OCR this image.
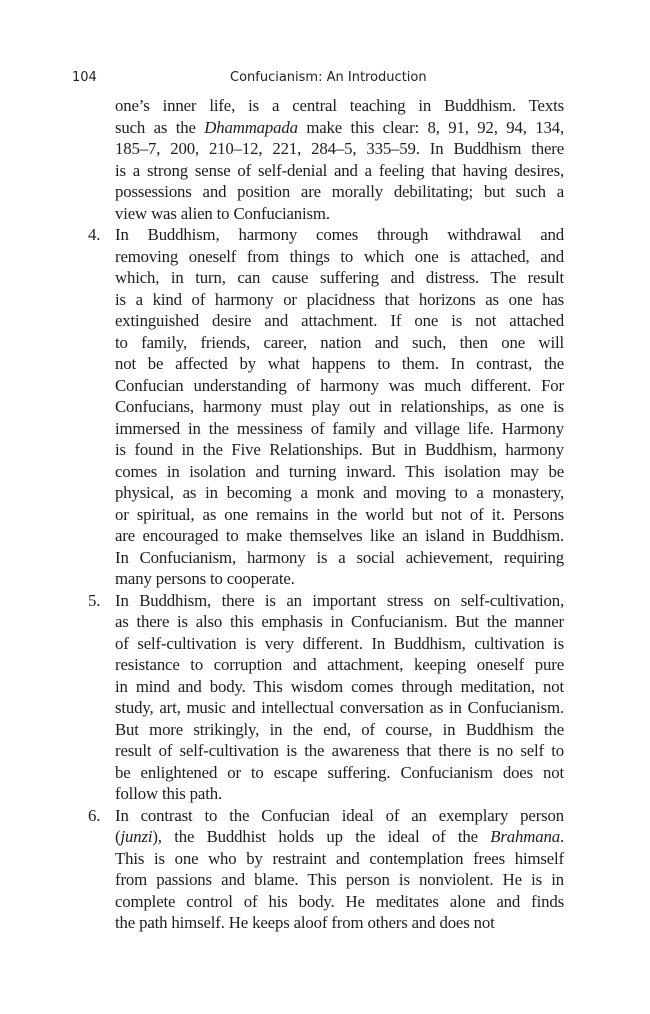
104	Confucianism: An Introduction
one’s inner life, is a central teaching in Buddhism. Texts
such as the Dhammapada make this clear: 8, 91, 92, 94, 134,
185–7, 200, 210–12, 221, 284–5, 335–59. In Buddhism there
is a strong sense of self-denial and a feeling that having desires,
possessions and position are morally debilitating; but such a
view was alien to Confucianism.
4. In Buddhism, harmony comes through withdrawal and
removing oneself from things to which one is attached, and
which, in turn, can cause suffering and distress. The result
is a kind of harmony or placidness that horizons as one has
extinguished desire and attachment. If one is not attached
to family, friends, career, nation and such, then one will
not be affected by what happens to them. In contrast, the
Confucian understanding of harmony was much different. For
Confucians, harmony must play out in relationships, as one is
immersed in the messiness of family and village life. Harmony
is found in the Five Relationships. But in Buddhism, harmony
comes in isolation and turning inward. This isolation may be
physical, as in becoming a monk and moving to a monastery,
or spiritual, as one remains in the world but not of it. Persons
are encouraged to make themselves like an island in Buddhism.
In Confucianism, harmony is a social achievement, requiring
many persons to cooperate.
5. In Buddhism, there is an important stress on self-cultivation,
as there is also this emphasis in Confucianism. But the manner
of self-cultivation is very different. In Buddhism, cultivation is
resistance to corruption and attachment, keeping oneself pure
in mind and body. This wisdom comes through meditation, not
study, art, music and intellectual conversation as in Confucianism.
But more strikingly, in the end, of course, in Buddhism the
result of self-cultivation is the awareness that there is no self to
be enlightened or to escape suffering. Confucianism does not
follow this path.
6. In contrast to the Confucian ideal of an exemplary person
(junzi), the Buddhist holds up the ideal of the Brahmana.
This is one who by restraint and contemplation frees himself
from passions and blame. This person is nonviolent. He is in
complete control of his body. He meditates alone and finds
the path himself. He keeps aloof from others and does not
